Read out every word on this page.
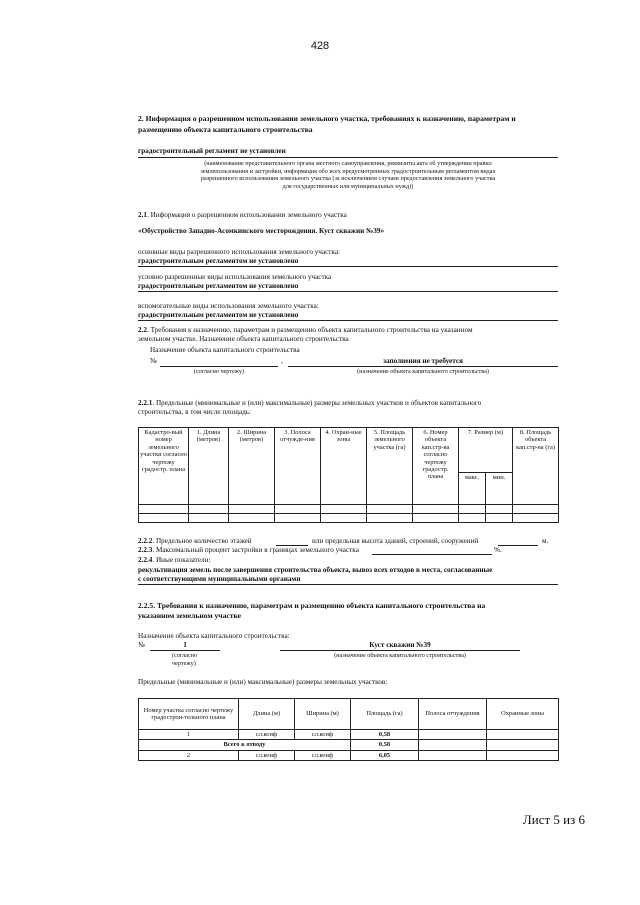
428
2. Информация о разрешенном использовании земельного участка, требованиях к назначению, параметрам и
размещению объекта капитального строительства
градостроительный регламент не установлен
(наименование представительного органа местного самоуправления, реквизиты акта об утверждении правил
землепользования и застройки, информация обо всех предусмотренных градостроительным регламентом видах
разрешенного использования земельного участка (за исключением случаев предоставления земельного участка
для государственных или муниципальных нужд))
2.1. Информация о разрешенном использовании земельного участка
«Обустройство Западно-Асомкинского месторождения. Куст скважин №39»
основные виды разрешенного использования земельного участка:
градостроительным регламентом не установлено
условно разрешенные виды использования земельного участка
градостроительным регламентом не установлено
вспомогательные виды использования земельного участка:
градостроительным регламентом не установлено
2.2. Требования к назначению, параметрам и размещению объекта капитального строительства на указанном
земельном участке. Назначение объекта капитального строительства
Назначение объекта капитального строительства
№	,	заполнения не требуется
(согласно чертежу)	(назначение объекта капитального строительства)
2.2.1. Предельные (минимальные и (или) максимальные) размеры земельных участков и объектов капитального
строительства, в том числе площадь:
Кадастро-вый номер земельного участки согласно чертежу градостр. плана	1. Длина (метров)	2. Ширина (метров)	3. Полоса отчужде-ния	4. Охран-ные зоны	5. Площадь земельного участка (га)	6. Номер объекта кап.стр-ва согласно чертежу градостр. плана	7. Размер (м)		8. Площадь объекта кап.стр-ва (га)
							макс.	мин.	

2.2.2. Предельное количество этажей	или предельная высота зданий, строений, сооружений	м.
2.2.3. Максимальный процент застройки в границах земельного участка	%.
2.2.4. Иные показатели:
рекультивация земель после завершения строительства объекта, вывоз всех отходов в места, согласованные
с соответствующими муниципальными органами
2.2.5. Требования к назначению, параметрам и размещению объекта капитального строительства на
указанном земельном участке
Назначение объекта капитального строительства:
№	1	Куст скважин №39
(согласно
чертежу)
(назначение объекта капитального строительства)
Предельные (минимальные и (или) максимальные) размеры земельных участков:
Номер участка согласно чертежу градострои-тельного плана	Длина (м)	Ширина (м)	Площадь (га)	Полоса отчуждения	Охранные зоны
1	сл.конф	сл.конф	0,58		
Всего к отводу			0,58		
2	сл.конф	сл.конф	6,05		
Лист 5 из 6
